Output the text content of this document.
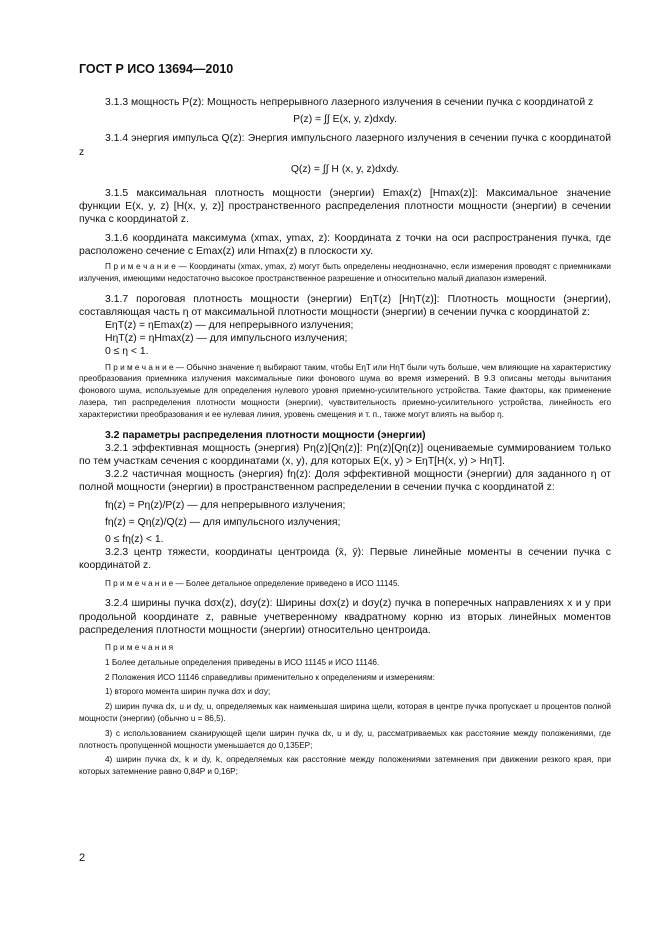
ГОСТ Р ИСО 13694—2010

3.1.3 мощность P(z): Мощность непрерывного лазерного излучения в сечении пучка с координатой z

P(z) = ∫∫ E(x, y, z)dxdy.

3.1.4 энергия импульса Q(z): Энергия импульсного лазерного излучения в сечении пучка с координатой z

Q(z) = ∫∫ H (x, y, z)dxdy.

3.1.5 максимальная плотность мощности (энергии) Emax(z) [Hmax(z)]: Максимальное значение функции E(x, y, z) [H(x, y, z)] пространственного распределения плотности мощности (энергии) в сечении пучка с координатой z.

3.1.6 координата максимума (xmax, ymax, z): Координата z точки на оси распространения пучка, где расположено сечение с Emax(z) или Hmax(z) в плоскости xy.

П р и м е ч а н и е — Координаты (xmax, ymax, z) могут быть определены неоднозначно, если измерения проводят с приемниками излучения, имеющими недостаточно высокое пространственное разрешение и относительно малый диапазон измерений.

3.1.7 пороговая плотность мощности (энергии) EηT(z) [HηT(z)]: Плотность мощности (энергии), составляющая часть η от максимальной плотности мощности (энергии) в сечении пучка с координатой z:

EηT(z) = ηEmax(z) — для непрерывного излучения;

HηT(z) = ηHmax(z) — для импульсного излучения;

0 ≤ η < 1.

П р и м е ч а н и е — Обычно значение η выбирают таким, чтобы EηT или HηT были чуть больше, чем влияющие на характеристику преобразования приемника излучения максимальные пики фонового шума во время измерений. В 9.3 описаны методы вычитания фонового шума, используемые для определения нулевого уровня приемно-усилительного устройства. Такие факторы, как применение лазера, тип распределения плотности мощности (энергии), чувствительность приемно-усилительного устройства, линейность его характеристики преобразования и ее нулевая линия, уровень смещения и т. п., также могут влиять на выбор η.

3.2 параметры распределения плотности мощности (энергии)

3.2.1 эффективная мощность (энергия) Pη(z)[Qη(z)]: Pη(z)[Qη(z)] оцениваемые суммированием только по тем участкам сечения с координатами (x, y), для которых E(x, y) > EηT[H(x, y) > HηT].

3.2.2 частичная мощность (энергия) fη(z): Доля эффективной мощности (энергии) для заданного η от полной мощности (энергии) в пространственном распределении в сечении пучка с координатой z:

fη(z) = Pη(z)/P(z) — для непрерывного излучения;

fη(z) = Qη(z)/Q(z) — для импульсного излучения;

0 ≤ fη(z) < 1.

3.2.3 центр тяжести, координаты центроида (x̄, ȳ): Первые линейные моменты в сечении пучка с координатой z.

П р и м е ч а н и е — Более детальное определение приведено в ИСО 11145.

3.2.4 ширины пучка dσx(z), dσy(z): Ширины dσx(z) и dσy(z) пучка в поперечных направлениях x и y при продольной координате z, равные учетверенному квадратному корню из вторых линейных моментов распределения плотности мощности (энергии) относительно центроида.

П р и м е ч а н и я

1 Более детальные определения приведены в ИСО 11145 и ИСО 11146.

2 Положения ИСО 11146 справедливы применительно к определениям и измерениям:

1) второго момента ширин пучка dσx и dσy;

2) ширин пучка dx, u и dy, u, определяемых как наименьшая ширина щели, которая в центре пучка пропускает u процентов полной мощности (энергии) (обычно u = 86,5).

3) с использованием сканирующей щели ширин пучка dx, u и dy, u, рассматриваемых как расстояние между положениями, где плотность пропущенной мощности уменьшается до 0,135EP;

4) ширин пучка dx, k и dy, k, определяемых как расстояние между положениями затемнения при движении резкого края, при которых затемнение равно 0,84P и 0,16P;

2
